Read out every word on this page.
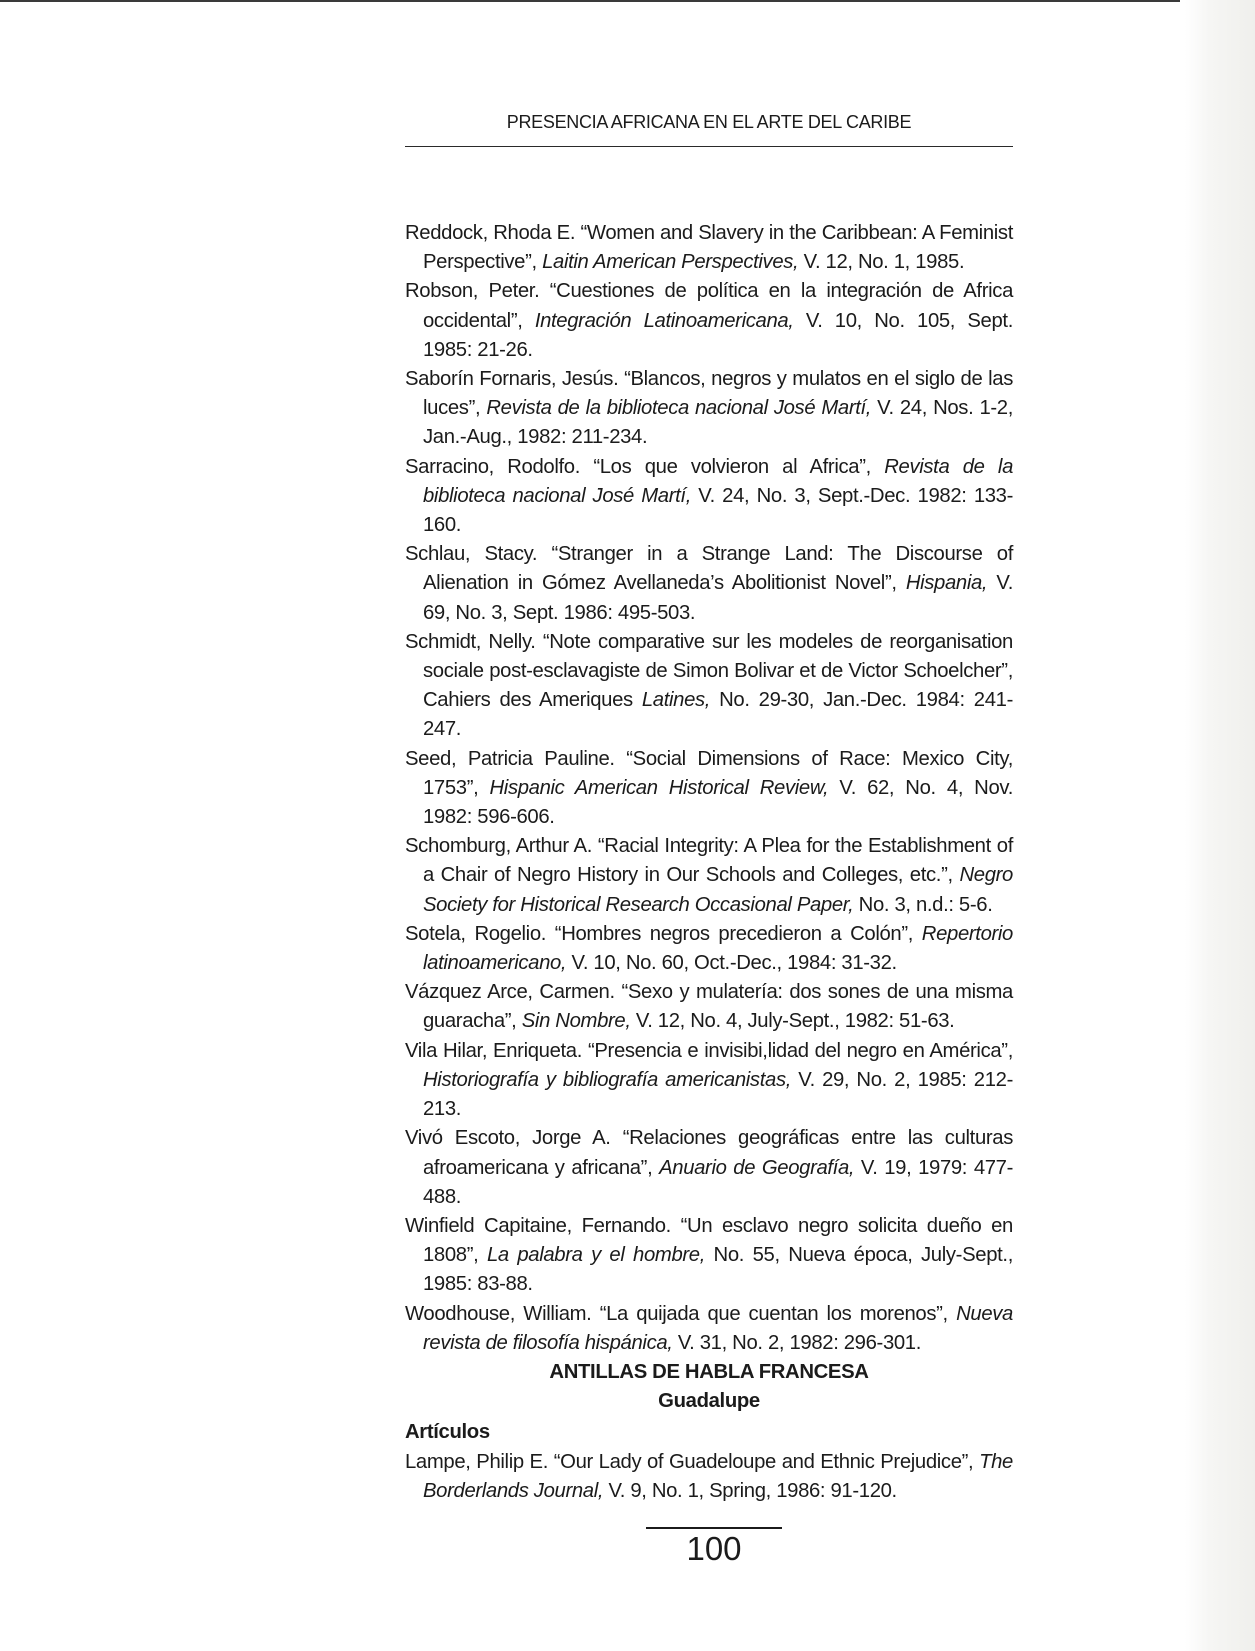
PRESENCIA AFRICANA EN EL ARTE DEL CARIBE

Reddock, Rhoda E. “Women and Slavery in the Caribbean: A Feminist Perspective”, Laitin American Perspectives, V. 12, No. 1, 1985.

Robson, Peter. “Cuestiones de política en la integración de Africa occidental”, Integración Latinoamericana, V. 10, No. 105, Sept. 1985: 21-26.

Saborín Fornaris, Jesús. “Blancos, negros y mulatos en el siglo de las luces”, Revista de la biblioteca nacional José Martí, V. 24, Nos. 1-2, Jan.-Aug., 1982: 211-234.

Sarracino, Rodolfo. “Los que volvieron al Africa”, Revista de la biblioteca nacional José Martí, V. 24, No. 3, Sept.-Dec. 1982: 133-160.

Schlau, Stacy. “Stranger in a Strange Land: The Discourse of Alienation in Gómez Avellaneda’s Abolitionist Novel”, Hispania, V. 69, No. 3, Sept. 1986: 495-503.

Schmidt, Nelly. “Note comparative sur les modeles de reorganisation sociale post-esclavagiste de Simon Bolivar et de Victor Schoelcher”, Cahiers des Ameriques Latines, No. 29-30, Jan.-Dec. 1984: 241-247.

Seed, Patricia Pauline. “Social Dimensions of Race: Mexico City, 1753”, Hispanic American Historical Review, V. 62, No. 4, Nov. 1982: 596-606.

Schomburg, Arthur A. “Racial Integrity: A Plea for the Establishment of a Chair of Negro History in Our Schools and Colleges, etc.”, Negro Society for Historical Research Occasional Paper, No. 3, n.d.: 5-6.

Sotela, Rogelio. “Hombres negros precedieron a Colón”, Repertorio latinoamericano, V. 10, No. 60, Oct.-Dec., 1984: 31-32.

Vázquez Arce, Carmen. “Sexo y mulatería: dos sones de una misma guaracha”, Sin Nombre, V. 12, No. 4, July-Sept., 1982: 51-63.

Vila Hilar, Enriqueta. “Presencia e invisibi,lidad del negro en América”, Historiografía y bibliografía americanistas, V. 29, No. 2, 1985: 212-213.

Vivó Escoto, Jorge A. “Relaciones geográficas entre las culturas afroamericana y africana”, Anuario de Geografía, V. 19, 1979: 477-488.

Winfield Capitaine, Fernando. “Un esclavo negro solicita dueño en 1808”, La palabra y el hombre, No. 55, Nueva época, July-Sept., 1985: 83-88.

Woodhouse, William. “La quijada que cuentan los morenos”, Nueva revista de filosofía hispánica, V. 31, No. 2, 1982: 296-301.

ANTILLAS DE HABLA FRANCESA

Guadalupe

Artículos

Lampe, Philip E. “Our Lady of Guadeloupe and Ethnic Prejudice”, The Borderlands Journal, V. 9, No. 1, Spring, 1986: 91-120.

100
